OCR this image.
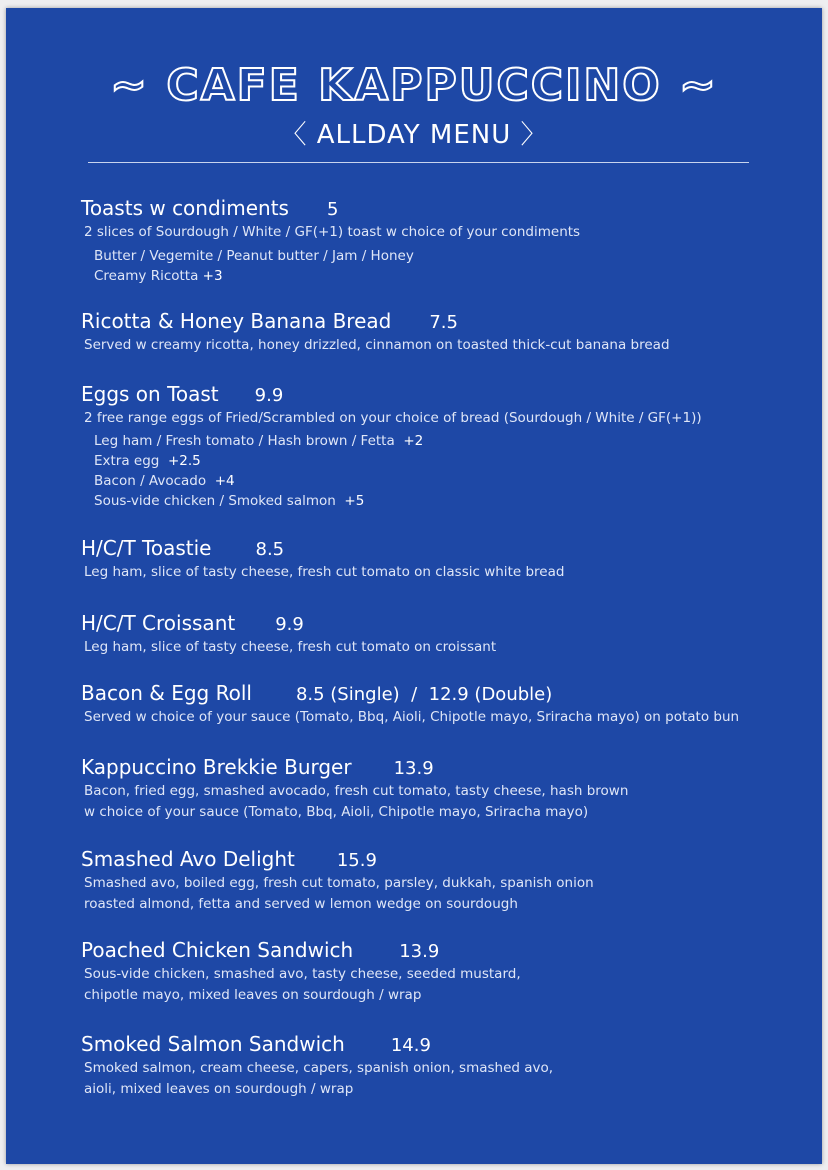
~ CAFE KAPPUCCINO ~
〈 ALLDAY MENU 〉
Toasts w condiments 5
2 slices of Sourdough / White / GF(+1) toast w choice of your condiments
Butter / Vegemite / Peanut butter / Jam / Honey
Creamy Ricotta +3
Ricotta & Honey Banana Bread 7.5
Served w creamy ricotta, honey drizzled, cinnamon on toasted thick-cut banana bread
Eggs on Toast 9.9
2 free range eggs of Fried/Scrambled on your choice of bread (Sourdough / White / GF(+1))
Leg ham / Fresh tomato / Hash brown / Fetta +2
Extra egg +2.5
Bacon / Avocado +4
Sous-vide chicken / Smoked salmon +5
H/C/T Toastie 8.5
Leg ham, slice of tasty cheese, fresh cut tomato on classic white bread
H/C/T Croissant 9.9
Leg ham, slice of tasty cheese, fresh cut tomato on croissant
Bacon & Egg Roll 8.5 (Single)  /  12.9 (Double)
Served w choice of your sauce (Tomato, Bbq, Aioli, Chipotle mayo, Sriracha mayo) on potato bun
Kappuccino Brekkie Burger 13.9
Bacon, fried egg, smashed avocado, fresh cut tomato, tasty cheese, hash brown
w choice of your sauce (Tomato, Bbq, Aioli, Chipotle mayo, Sriracha mayo)
Smashed Avo Delight 15.9
Smashed avo, boiled egg, fresh cut tomato, parsley, dukkah, spanish onion
roasted almond, fetta and served w lemon wedge on sourdough
Poached Chicken Sandwich	13.9
Sous-vide chicken, smashed avo, tasty cheese, seeded mustard,
chipotle mayo, mixed leaves on sourdough / wrap
Smoked Salmon Sandwich	14.9
Smoked salmon, cream cheese, capers, spanish onion, smashed avo,
aioli, mixed leaves on sourdough / wrap
